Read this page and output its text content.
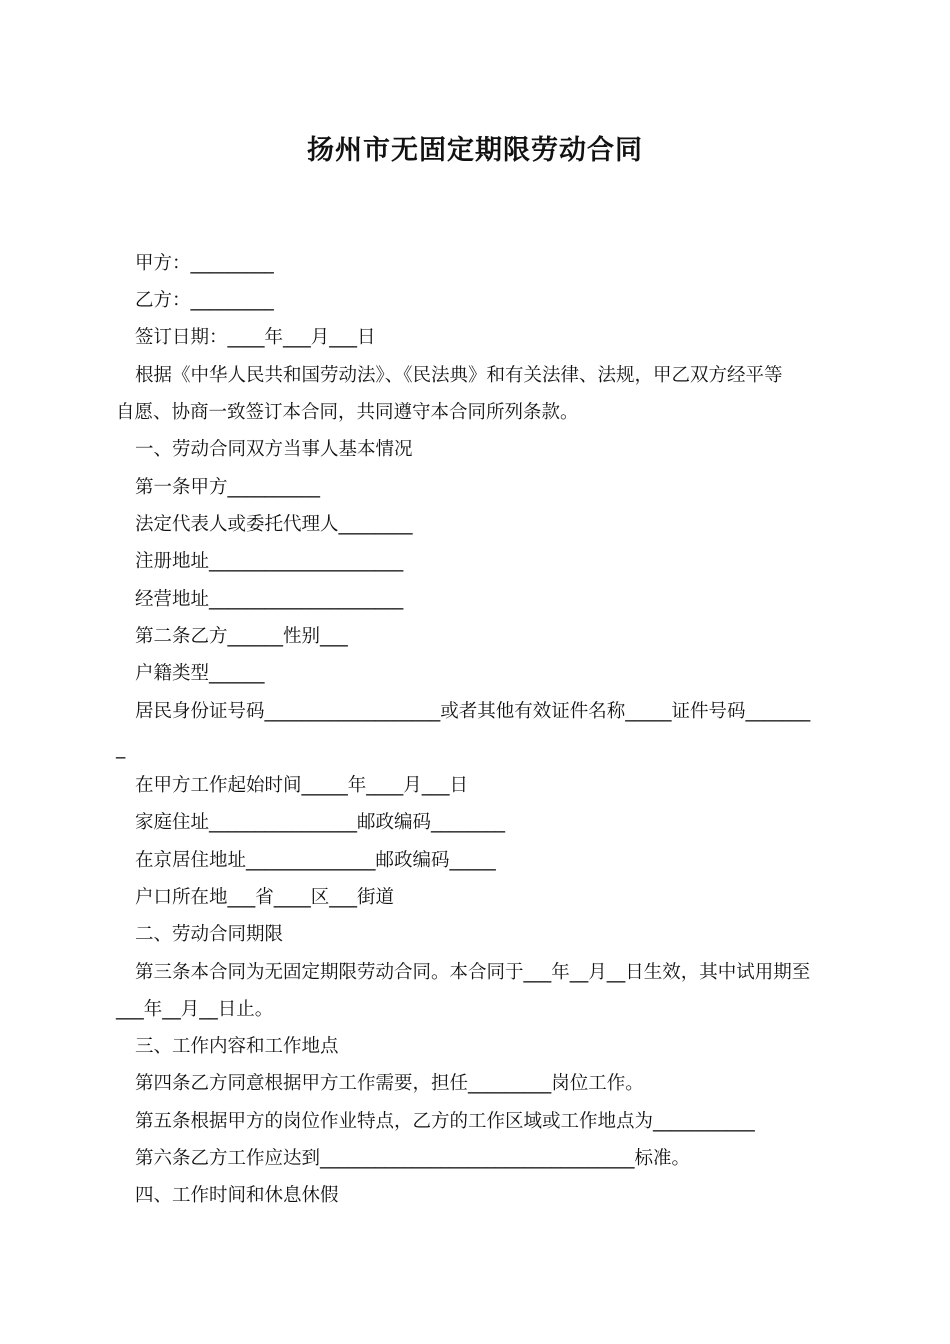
扬州市无固定期限劳动合同

甲方：_________

乙方：_________

签订日期：____年___月___日

根据《中华人民共和国劳动法》、《民法典》和有关法律、法规，甲乙双方经平等

自愿、协商一致签订本合同，共同遵守本合同所列条款。

一、劳动合同双方当事人基本情况

第一条甲方__________

法定代表人或委托代理人________

注册地址_____________________

经营地址_____________________

第二条乙方______性别___

户籍类型______

居民身份证号码___________________或者其他有效证件名称_____证件号码_______

_

在甲方工作起始时间_____年____月___日

家庭住址________________邮政编码________

在京居住地址______________邮政编码_____

户口所在地___省____区___街道

二、劳动合同期限

第三条本合同为无固定期限劳动合同。本合同于___年__月__日生效，其中试用期至

___年__月__日止。

三、工作内容和工作地点

第四条乙方同意根据甲方工作需要，担任_________岗位工作。

第五条根据甲方的岗位作业特点，乙方的工作区域或工作地点为___________

第六条乙方工作应达到__________________________________标准。

四、工作时间和休息休假
